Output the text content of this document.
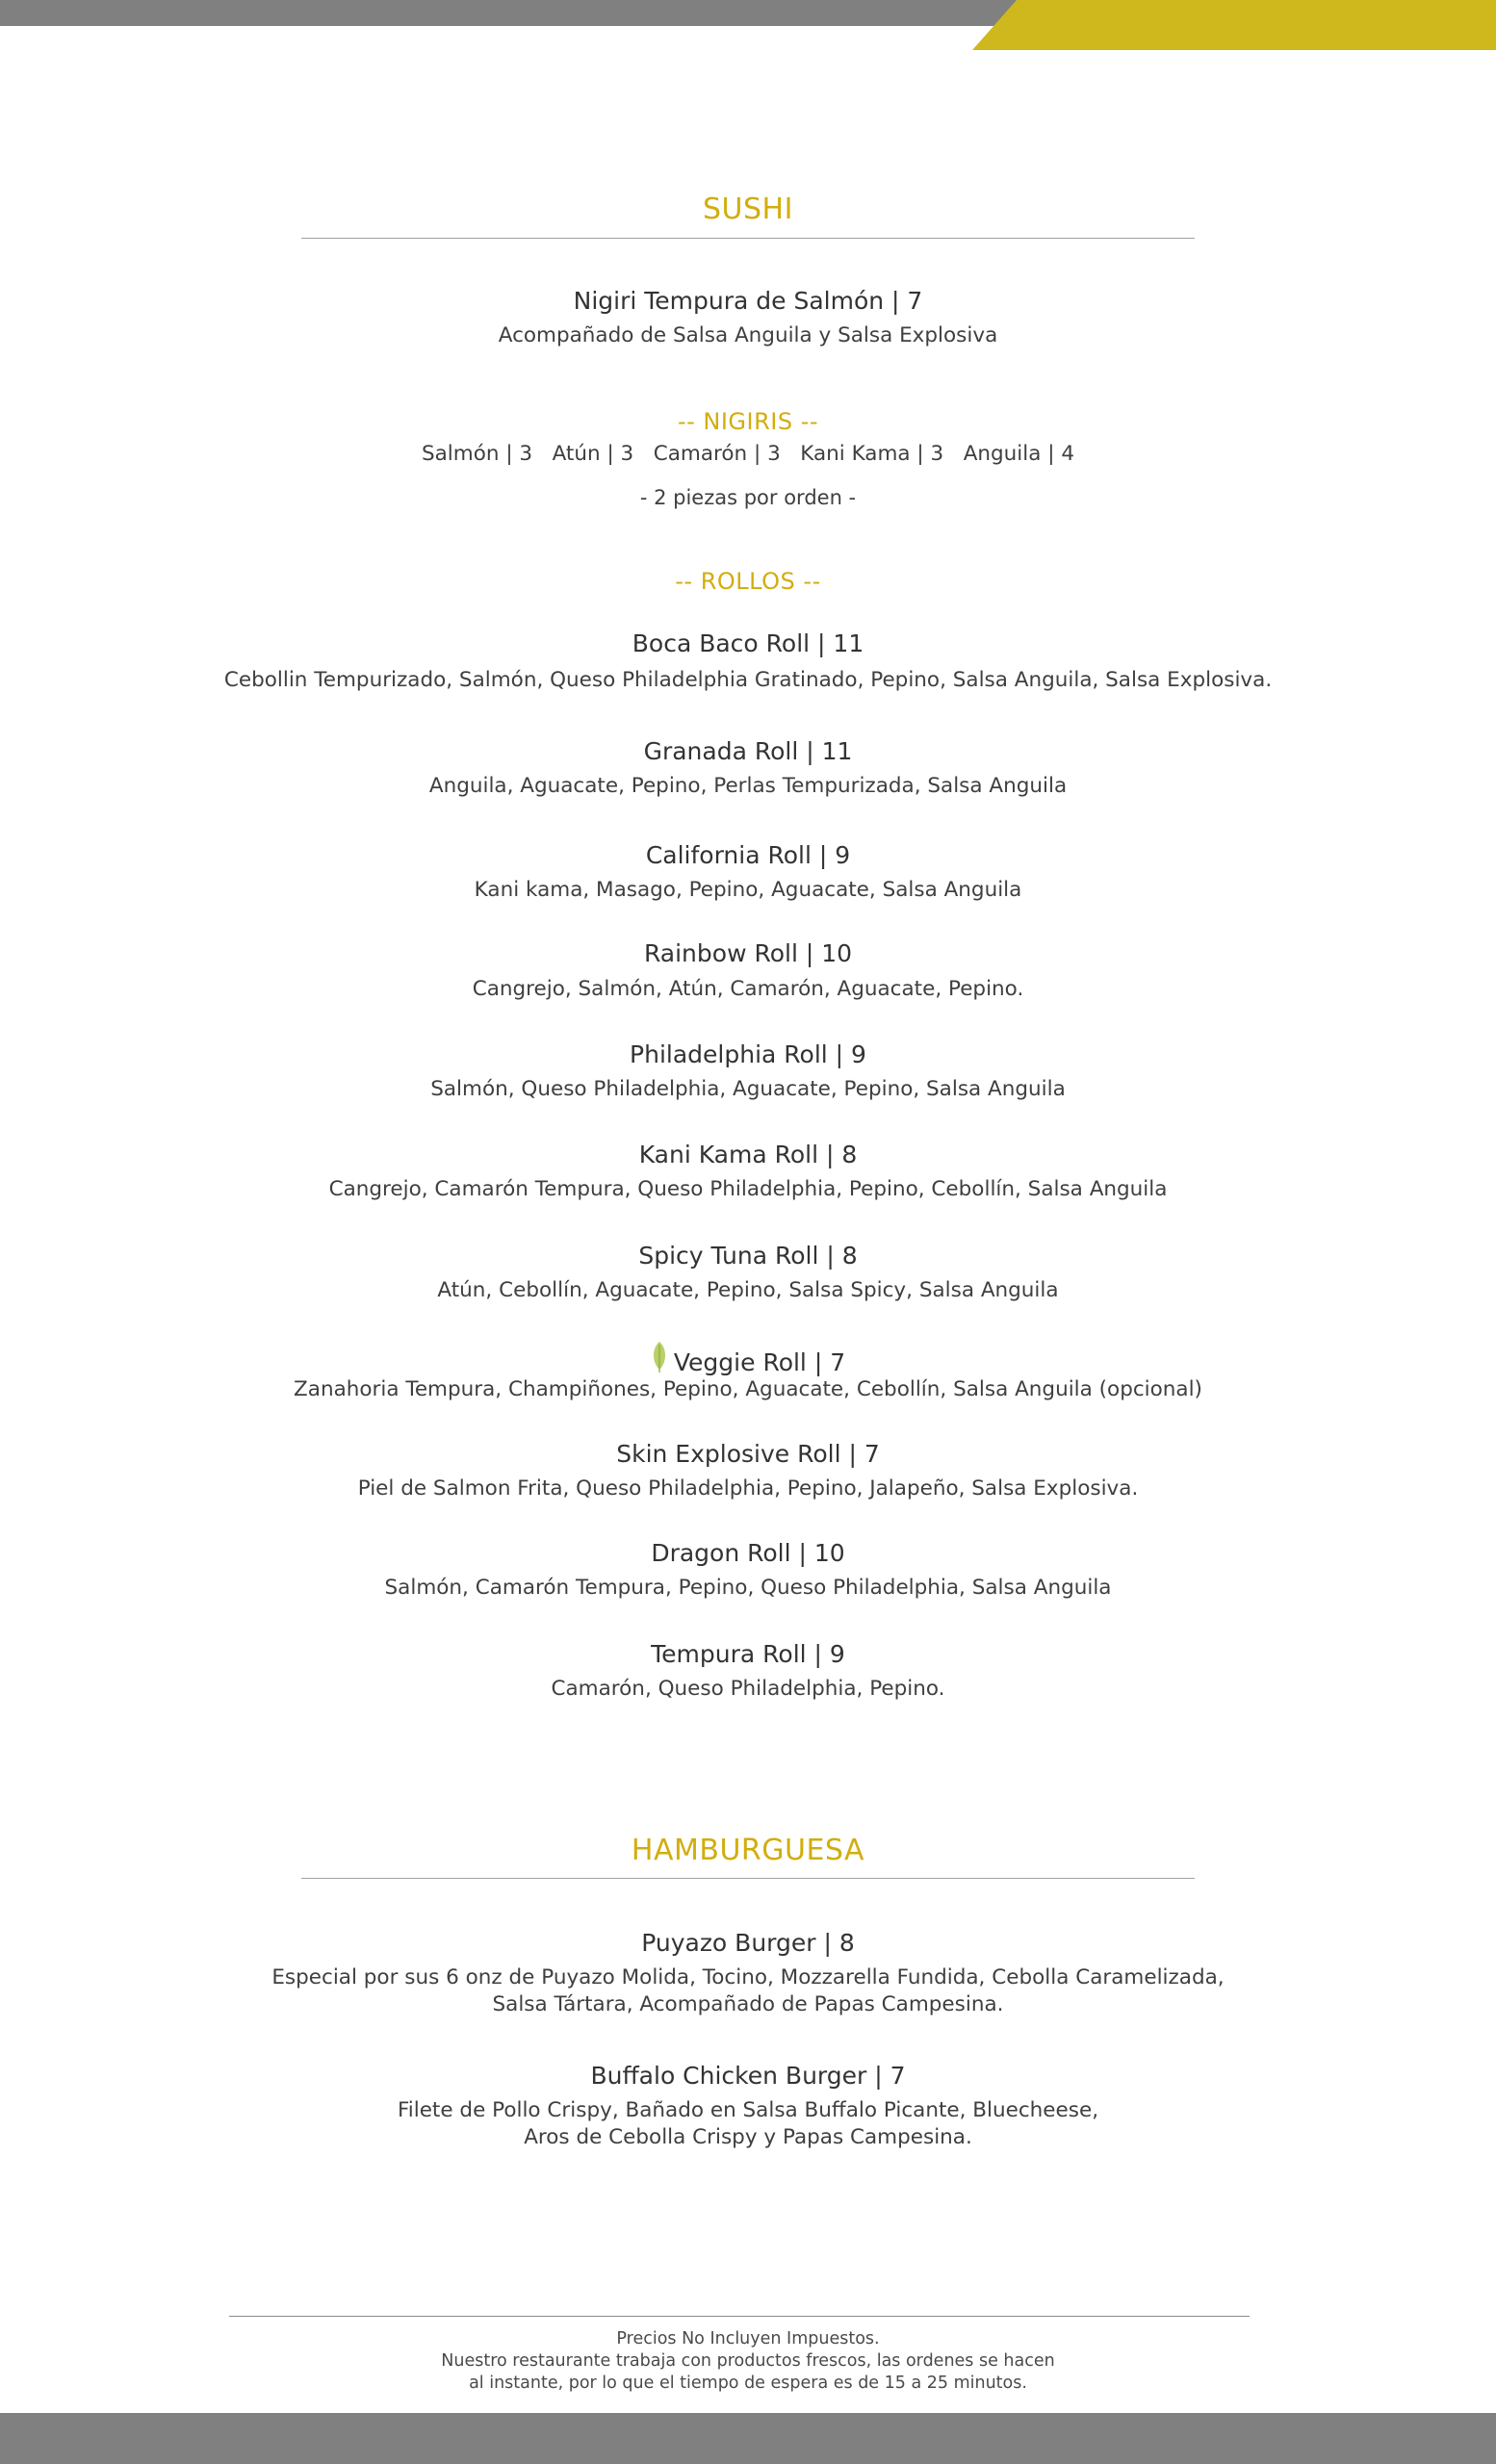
SUSHI
Nigiri Tempura de Salmón | 7
Acompañado de Salsa Anguila y Salsa Explosiva
-- NIGIRIS --
Salmón | 3   Atún | 3   Camarón | 3   Kani Kama | 3   Anguila | 4
- 2 piezas por orden -
-- ROLLOS --
Boca Baco Roll | 11
Cebollin Tempurizado, Salmón, Queso Philadelphia Gratinado, Pepino, Salsa Anguila, Salsa Explosiva.
Granada Roll | 11
Anguila, Aguacate, Pepino, Perlas Tempurizada, Salsa Anguila
California Roll | 9
Kani kama, Masago, Pepino, Aguacate, Salsa Anguila
Rainbow Roll | 10
Cangrejo, Salmón, Atún, Camarón, Aguacate, Pepino.
Philadelphia Roll | 9
Salmón, Queso Philadelphia, Aguacate, Pepino, Salsa Anguila
Kani Kama Roll | 8
Cangrejo, Camarón Tempura, Queso Philadelphia, Pepino, Cebollín, Salsa Anguila
Spicy Tuna Roll | 8
Atún, Cebollín, Aguacate, Pepino, Salsa Spicy, Salsa Anguila
Veggie Roll | 7
Zanahoria Tempura, Champiñones, Pepino, Aguacate, Cebollín, Salsa Anguila (opcional)
Skin Explosive Roll | 7
Piel de Salmon Frita, Queso Philadelphia, Pepino, Jalapeño, Salsa Explosiva.
Dragon Roll | 10
Salmón, Camarón Tempura, Pepino, Queso Philadelphia, Salsa Anguila
Tempura Roll | 9
Camarón, Queso Philadelphia, Pepino.
HAMBURGUESA
Puyazo Burger | 8
Especial por sus 6 onz de Puyazo Molida, Tocino, Mozzarella Fundida, Cebolla Caramelizada,
Salsa Tártara, Acompañado de Papas Campesina.
Buffalo Chicken Burger | 7
Filete de Pollo Crispy, Bañado en Salsa Buffalo Picante, Bluecheese,
Aros de Cebolla Crispy y Papas Campesina.
Precios No Incluyen Impuestos.
Nuestro restaurante trabaja con productos frescos, las ordenes se hacen
al instante, por lo que el tiempo de espera es de 15 a 25 minutos.
